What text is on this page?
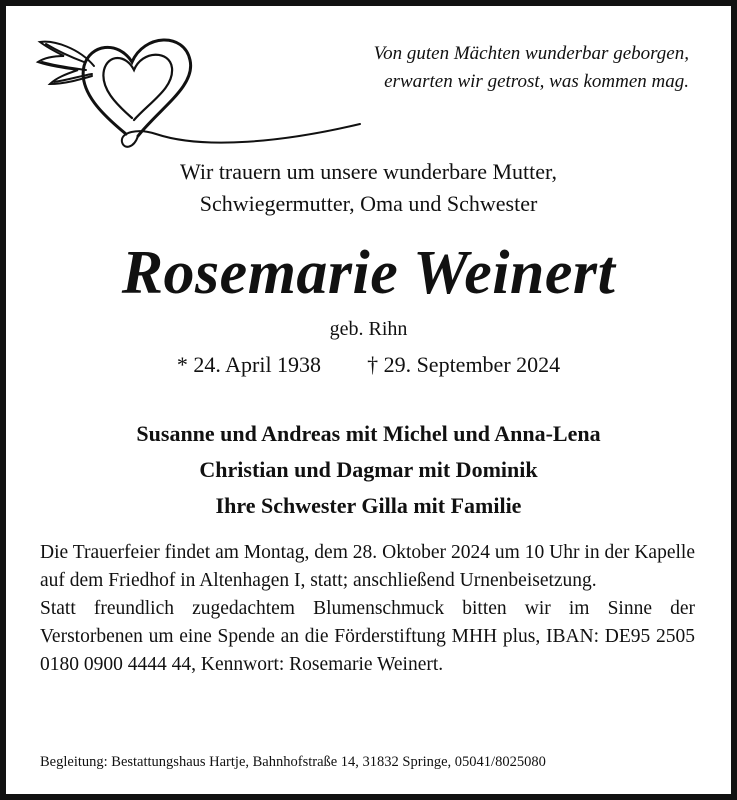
Von guten Mächten wunderbar geborgen,
erwarten wir getrost, was kommen mag.
Wir trauern um unsere wunderbare Mutter,
Schwiegermutter, Oma und Schwester
Rosemarie Weinert
geb. Rihn
* 24. April 1938 † 29. September 2024
Susanne und Andreas mit Michel und Anna-Lena
Christian und Dagmar mit Dominik
Ihre Schwester Gilla mit Familie

Die Trauerfeier findet am Montag, dem 28. Oktober 2024 um 10 Uhr in der Kapelle auf dem Friedhof in Altenhagen I, statt; anschließend Urnenbeisetzung.

Statt freundlich zugedachtem Blumenschmuck bitten wir im Sinne der Verstorbenen um eine Spende an die Förderstiftung MHH plus, IBAN: DE95 2505 0180 0900 4444 44, Kennwort: Rosemarie Weinert.

Begleitung: Bestattungshaus Hartje, Bahnhofstraße 14, 31832 Springe, 05041/8025080
